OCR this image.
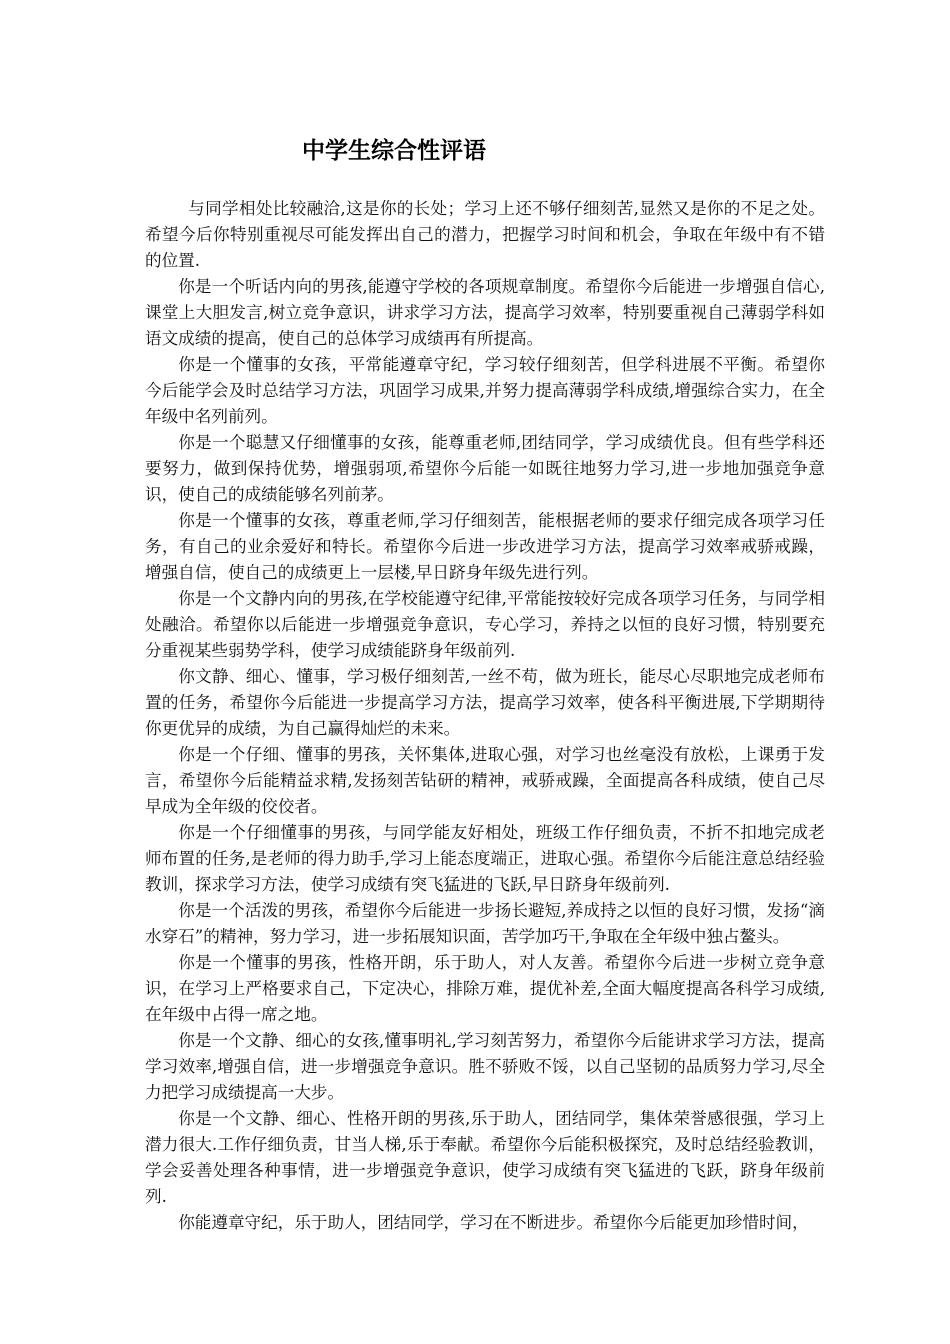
中学生综合性评语

与同学相处比较融洽,这是你的长处；学习上还不够仔细刻苦,显然又是你的不足之处。希望今后你特别重视尽可能发挥出自己的潜力，把握学习时间和机会，争取在年级中有不错的位置.

你是一个听话内向的男孩,能遵守学校的各项规章制度。希望你今后能进一步增强自信心,课堂上大胆发言,树立竞争意识，讲求学习方法，提高学习效率，特别要重视自己薄弱学科如语文成绩的提高，使自己的总体学习成绩再有所提高。

你是一个懂事的女孩，平常能遵章守纪，学习较仔细刻苦，但学科进展不平衡。希望你今后能学会及时总结学习方法，巩固学习成果,并努力提高薄弱学科成绩,增强综合实力，在全年级中名列前列。

你是一个聪慧又仔细懂事的女孩，能尊重老师,团结同学，学习成绩优良。但有些学科还要努力，做到保持优势，增强弱项,希望你今后能一如既往地努力学习,进一步地加强竞争意识，使自己的成绩能够名列前茅。

你是一个懂事的女孩，尊重老师,学习仔细刻苦，能根据老师的要求仔细完成各项学习任务，有自己的业余爱好和特长。希望你今后进一步改进学习方法，提高学习效率戒骄戒躁，增强自信，使自己的成绩更上一层楼,早日跻身年级先进行列。

你是一个文静内向的男孩,在学校能遵守纪律,平常能按较好完成各项学习任务，与同学相处融洽。希望你以后能进一步增强竞争意识，专心学习，养持之以恒的良好习惯，特别要充分重视某些弱势学科，使学习成绩能跻身年级前列.

你文静、细心、懂事，学习极仔细刻苦,一丝不苟，做为班长，能尽心尽职地完成老师布置的任务，希望你今后能进一步提高学习方法，提高学习效率，使各科平衡进展,下学期期待你更优异的成绩，为自己赢得灿烂的未来。

你是一个仔细、懂事的男孩，关怀集体,进取心强，对学习也丝毫没有放松，上课勇于发言，希望你今后能精益求精,发扬刻苦钻研的精神，戒骄戒躁，全面提高各科成绩，使自己尽早成为全年级的佼佼者。

你是一个仔细懂事的男孩，与同学能友好相处，班级工作仔细负责，不折不扣地完成老师布置的任务,是老师的得力助手,学习上能态度端正，进取心强。希望你今后能注意总结经验教训，探求学习方法，使学习成绩有突飞猛进的飞跃,早日跻身年级前列.

你是一个活泼的男孩，希望你今后能进一步扬长避短,养成持之以恒的良好习惯，发扬“滴水穿石”的精神，努力学习，进一步拓展知识面，苦学加巧干,争取在全年级中独占鳌头。

你是一个懂事的男孩，性格开朗，乐于助人，对人友善。希望你今后进一步树立竞争意识，在学习上严格要求自己，下定决心，排除万难，提优补差,全面大幅度提高各科学习成绩,在年级中占得一席之地。

你是一个文静、细心的女孩,懂事明礼,学习刻苦努力，希望你今后能讲求学习方法，提高学习效率,增强自信，进一步增强竞争意识。胜不骄败不馁，以自己坚韧的品质努力学习,尽全力把学习成绩提高一大步。

你是一个文静、细心、性格开朗的男孩,乐于助人，团结同学，集体荣誉感很强，学习上潜力很大.工作仔细负责，甘当人梯,乐于奉献。希望你今后能积极探究，及时总结经验教训，学会妥善处理各种事情，进一步增强竞争意识，使学习成绩有突飞猛进的飞跃，跻身年级前列.

你能遵章守纪，乐于助人，团结同学，学习在不断进步。希望你今后能更加珍惜时间，
